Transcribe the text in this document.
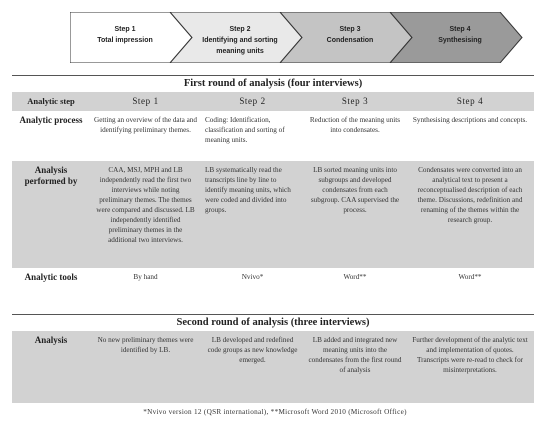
Step 1
Total impression
Step 2
Identifying and sorting meaning units
Step 3
Condensation
Step 4
Synthesising
First round of analysis (four interviews)				
Analytic step	Step 1	Step 2	Step 3	Step 4
Analytic process	Getting an overview of the data and identifying preliminary themes.	Coding: Identification, classification and sorting of meaning units.	Reduction of the meaning units into condensates.	Synthesising descriptions and concepts.
Analysis performed by	CAA, MSJ, MPH and LB independently read the first two interviews while noting preliminary themes. The themes were compared and discussed. LB independently identified preliminary themes in the additional two interviews.	LB systematically read the transcripts line by line to identify meaning units, which were coded and divided into groups.	LB sorted meaning units into subgroups and developed condensates from each subgroup. CAA supervised the process.	Condensates were converted into an analytical text to present a reconceptualised description of each theme. Discussions, redefinition and renaming of the themes within the research group.
Analytic tools	By hand	Nvivo*	Word**	Word**
Second round of analysis (three interviews)
Analysis	No new preliminary themes were identified by LB.	LB developed and redefined code groups as new knowledge emerged.	LB added and integrated new meaning units into the condensates from the first round of analysis	Further development of the analytic text and implementation of quotes. Transcripts were re-read to check for misinterpretations.
*Nvivo version 12 (QSR international), **Microsoft Word 2010 (Microsoft Office)
